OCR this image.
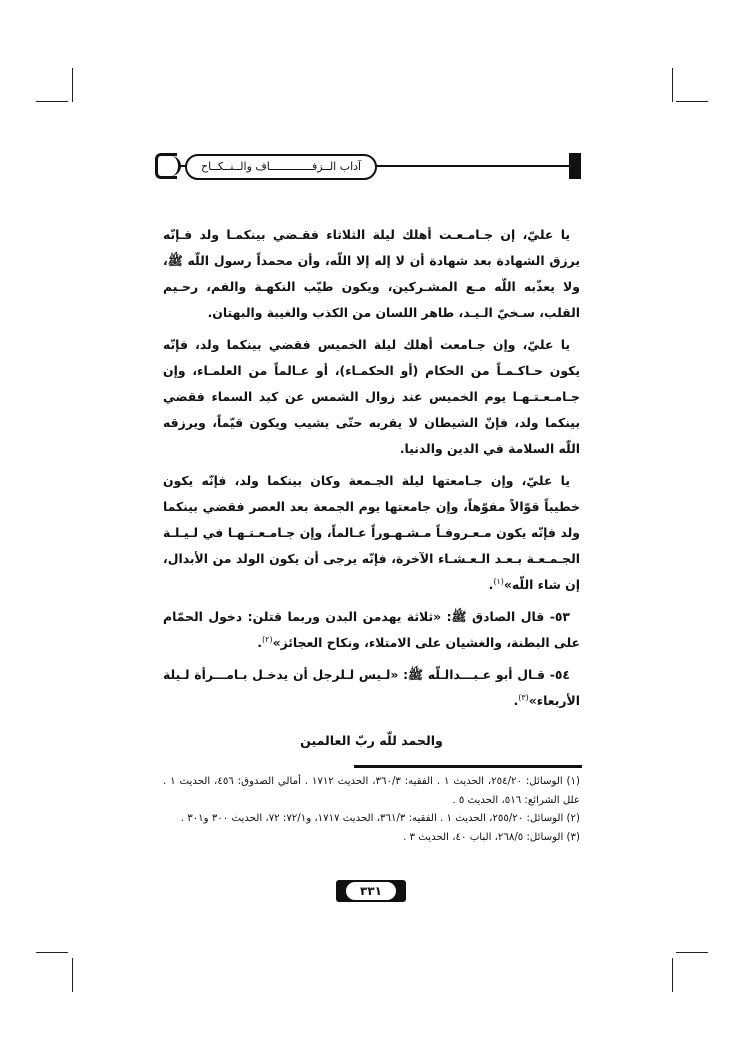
آداب الــزفـــــــــــــاف والــنــكــاح

يا عليّ، إن جـامـعـت أهلك ليلة الثلاثاء فقـضي بينكمـا ولد فـإنّه يرزق الشهادة بعد شهادة أن لا إله إلا اللّه، وأن محمداً رسول اللّه ﷺ، ولا يعذّبه اللّه مـع المشـركين، ويكون طيّب النكهـة والفم، رحـيم القلب، سـخيّ الـيـد، طاهر اللسان من الكذب والغيبة والبهتان.

يا عليّ، وإن جـامعت أهلك ليلة الخميس فقضي بينكما ولد، فإنّه يكون حـاكـمـاً من الحكام (أو الحكمـاء)، أو عـالماً من العلمـاء، وإن جـامـعـتـهـا يوم الخميس عند زوال الشمس عن كبد السماء فقضي بينكما ولد، فإنّ الشيطان لا يقربه حتّى يشيب ويكون قيّماً، ويرزقه اللّه السلامة في الدين والدنيا.

يا عليّ، وإن جـامعتها ليلة الجـمعة وكان بينكما ولد، فإنّه يكون خطيباً قوّالاً مفوّهاً، وإن جامعتها يوم الجمعة بعد العصر فقضي بينكما ولد فإنّه يكون مـعـروفـاً مـشـهـوراً عـالماً، وإن جـامـعـتـهـا في لـيـلـة الجـمـعـة بـعـد الـعـشـاء الآخرة، فإنّه يرجى أن يكون الولد من الأبدال، إن شاء اللّه»$^{(١)}$.

٥٣- قال الصادق ﷺ: «ثلاثة يهدمن البدن وربما قتلن: دخول الحمّام على البطنة، والغشيان على الامتلاء، ونكاح العجائز»$^{(٢)}$.

٥٤- قـال أبو عـبـــدالـلّه ﷺ: «لـيس لـلرجل أن يدخـل بـامـــرأة لـيلة الأربعاء»$^{(٣)}$.

والحمد للّه ربّ العالمين
(١) الوسائل: ٢٥٤/٢٠، الحديث ١ . الفقيه: ٣٦٠/٣، الحديث ١٧١٢ . أمالي الصدوق: ٤٥٦، الحديث ١ . علل الشرائع: ٥١٦، الحديث ٥ .
(٢) الوسائل: ٢٥٥/٢٠، الحديث ١ . الفقيه: ٣٦١/٣، الحديث ١٧١٧، و٧٢/١: ٧٢، الحديث ٣٠٠ و٣٠١ .
(٣) الوسائل: ٢٦٨/٥، الباب ٤٠، الحديث ٣ .
٣٣١
